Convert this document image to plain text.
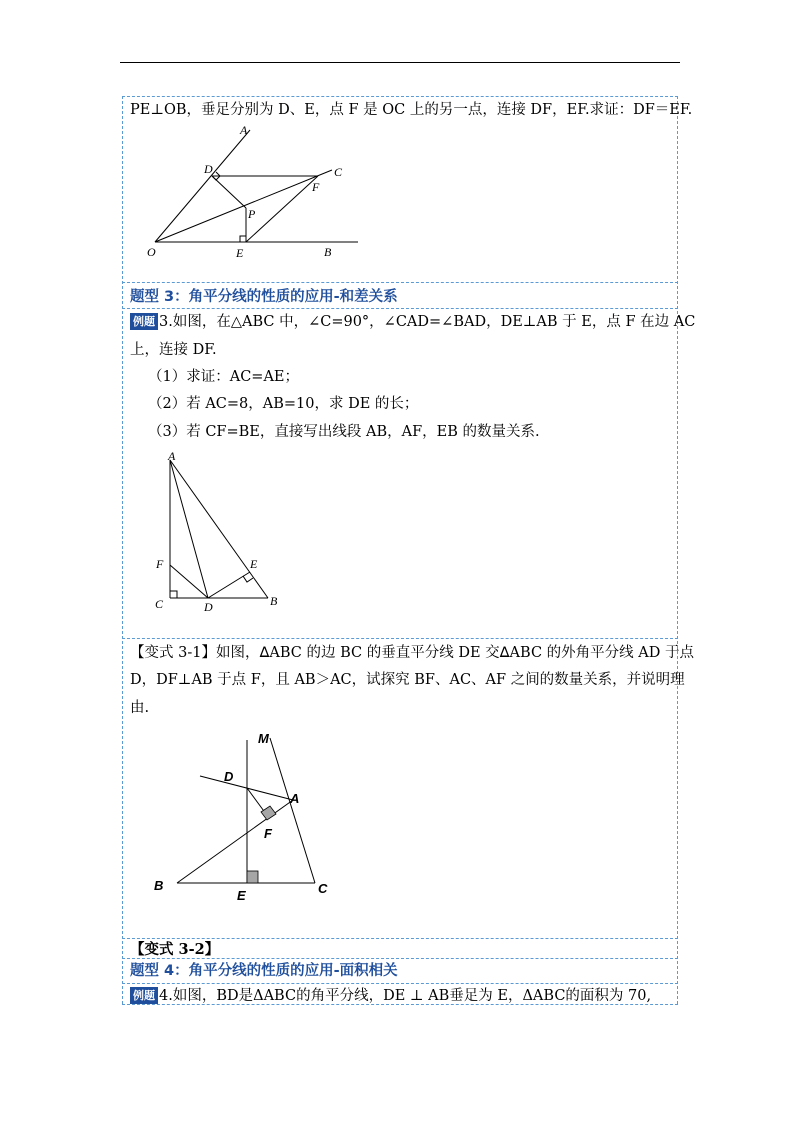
PE⊥OB，垂足分别为 D、E，点 F 是 OC 上的另一点，连接 DF，EF.求证：DF＝EF.
A
C
D
F
P
O	E	B
题型 3：角平分线的性质的应用-和差关系
例题 3.如图，在△ABC 中，∠C=90°，∠CAD=∠BAD，DE⊥AB 于 E，点 F 在边 AC
上，连接 DF.
（1）求证：AC=AE；
（2）若 AC=8，AB=10，求 DE 的长；
（3）若 CF=BE，直接写出线段 AB，AF，EB 的数量关系.
A
F	E
C	D	B
【变式 3-1】如图，ᐃABC 的边 BC 的垂直平分线 DE 交ᐃABC 的外角平分线 AD 于点
D，DF⊥AB 于点 F，且 AB＞AC，试探究 BF、AC、AF 之间的数量关系，并说明理
由.
M
D
A
F
B
E	C
【变式 3-2】
题型 4：角平分线的性质的应用-面积相关
例题 4.如图，BD是ΔABC的角平分线，DE ⊥ AB垂足为 E，ΔABC的面积为 70,
